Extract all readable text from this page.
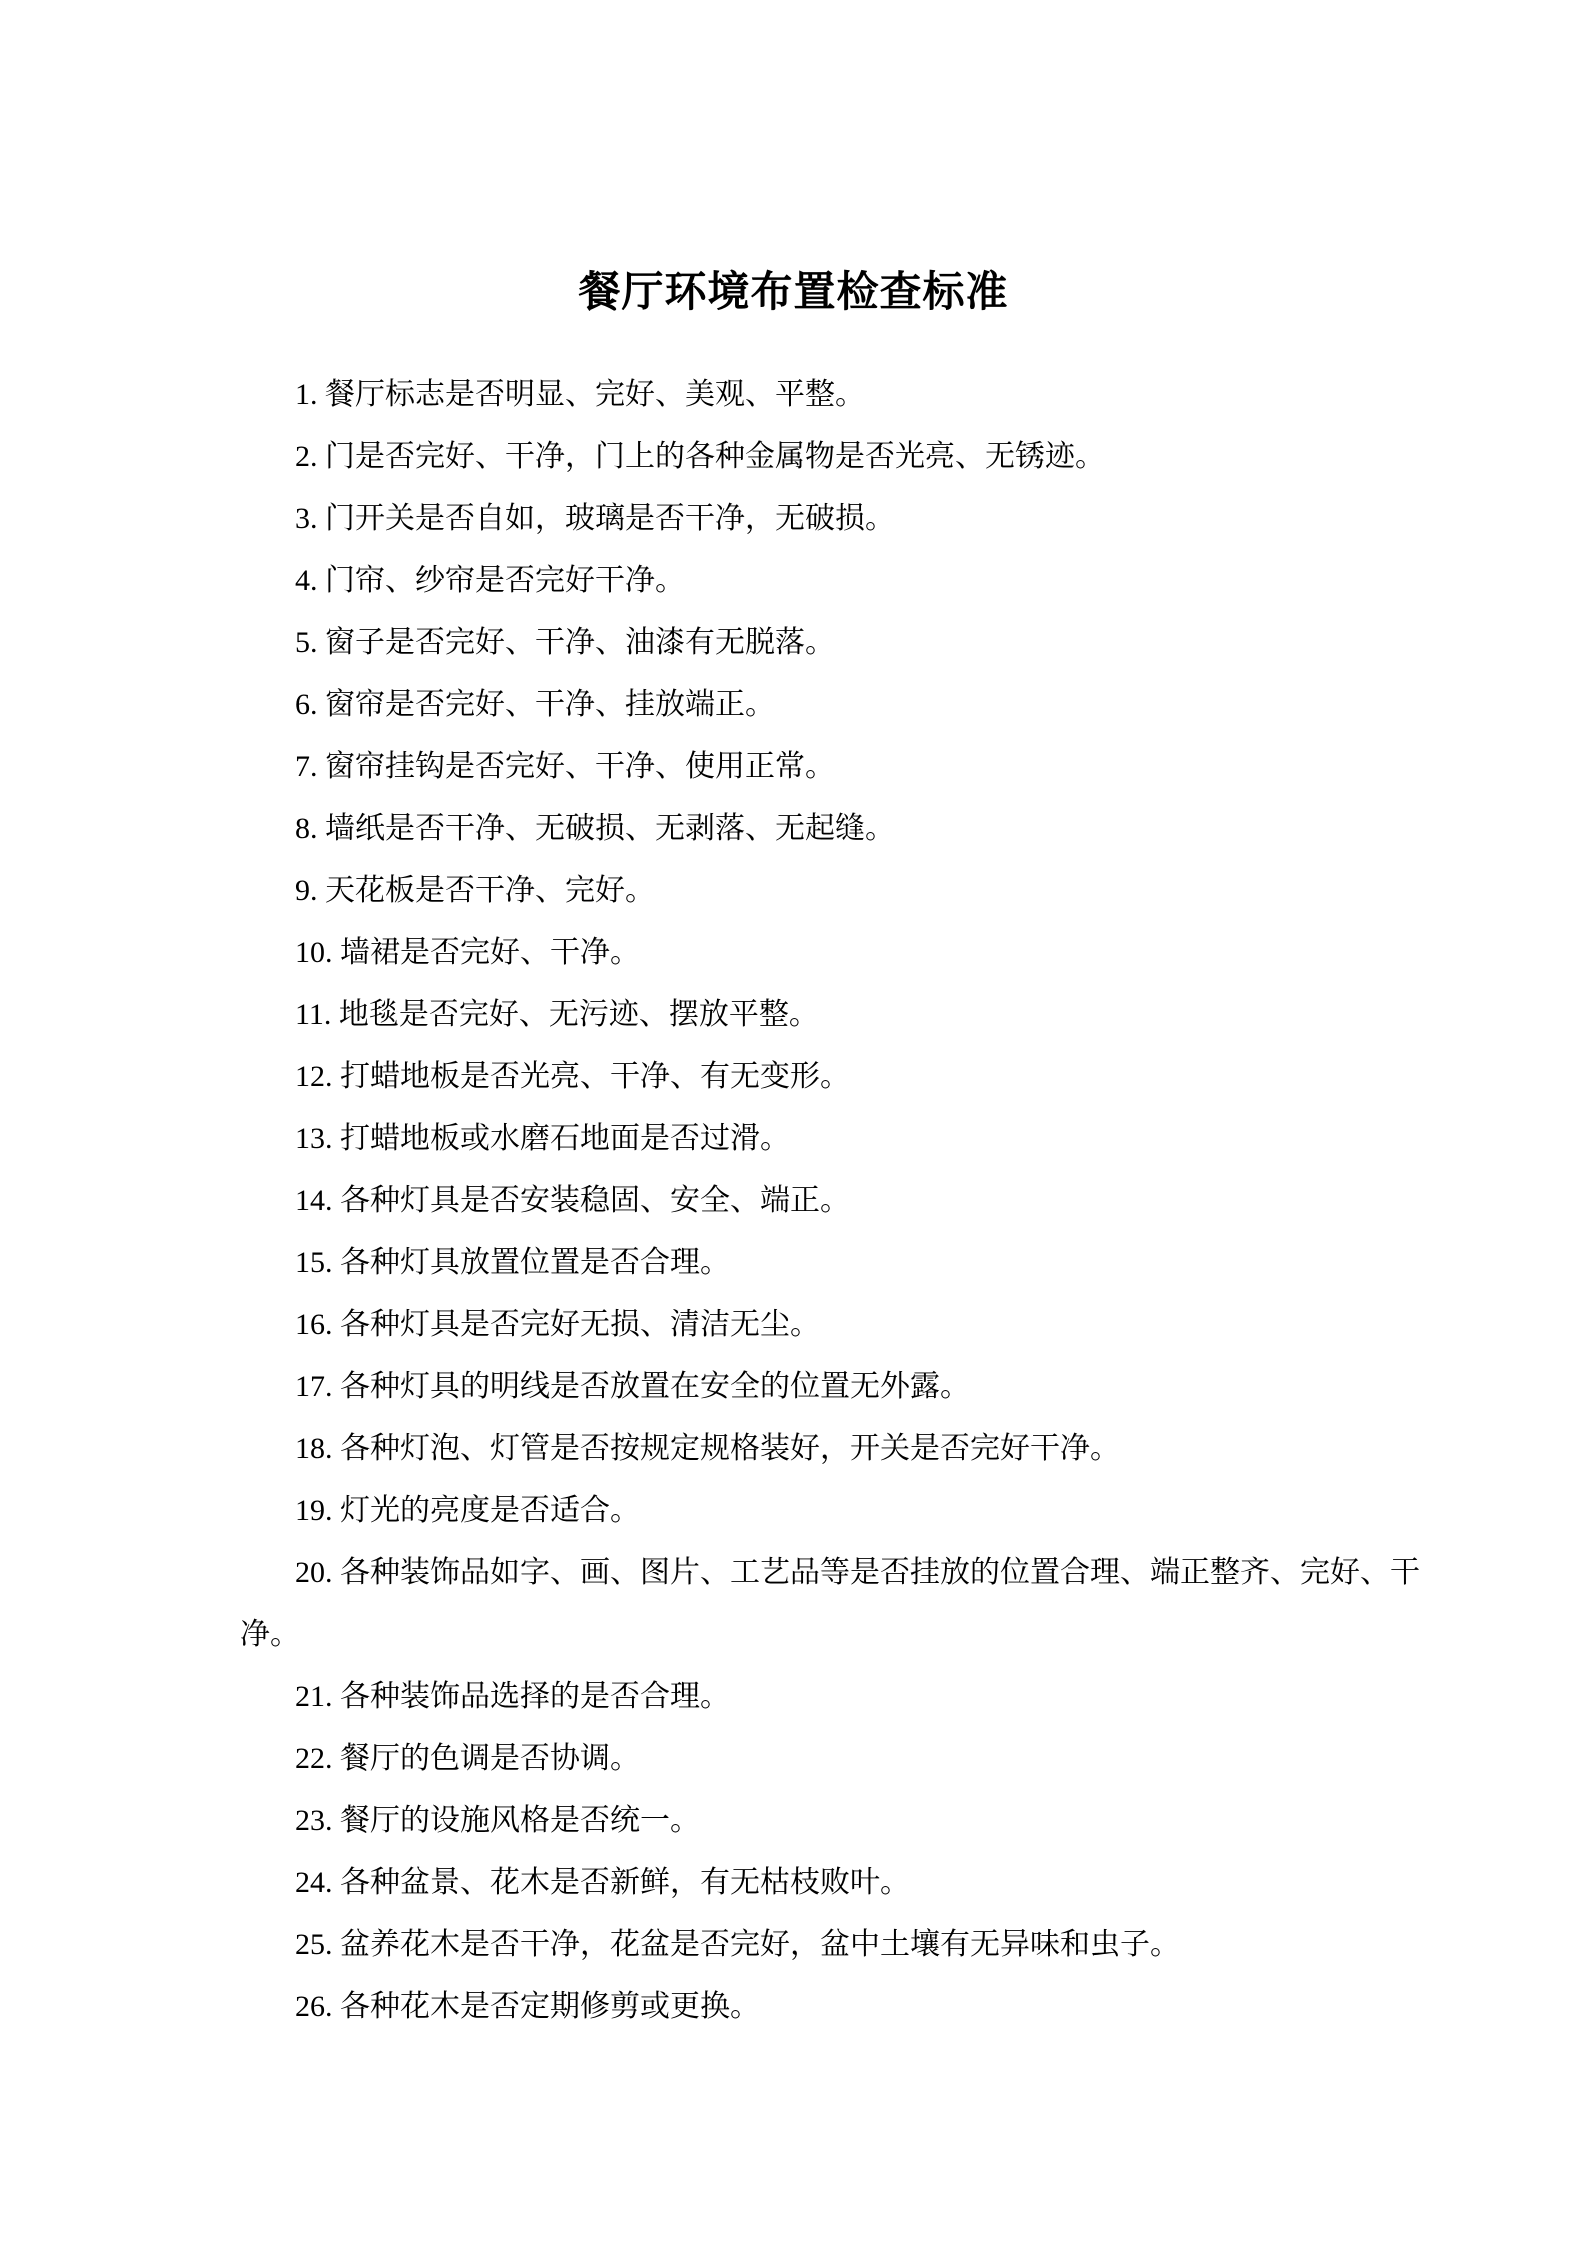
餐厅环境布置检查标准

1. 餐厅标志是否明显、完好、美观、平整。

2. 门是否完好、干净，门上的各种金属物是否光亮、无锈迹。

3. 门开关是否自如，玻璃是否干净，无破损。

4. 门帘、纱帘是否完好干净。

5. 窗子是否完好、干净、油漆有无脱落。

6. 窗帘是否完好、干净、挂放端正。

7. 窗帘挂钩是否完好、干净、使用正常。

8. 墙纸是否干净、无破损、无剥落、无起缝。

9. 天花板是否干净、完好。

10. 墙裙是否完好、干净。

11. 地毯是否完好、无污迹、摆放平整。

12. 打蜡地板是否光亮、干净、有无变形。

13. 打蜡地板或水磨石地面是否过滑。

14. 各种灯具是否安装稳固、安全、端正。

15. 各种灯具放置位置是否合理。

16. 各种灯具是否完好无损、清洁无尘。

17. 各种灯具的明线是否放置在安全的位置无外露。

18. 各种灯泡、灯管是否按规定规格装好，开关是否完好干净。

19. 灯光的亮度是否适合。

20. 各种装饰品如字、画、图片、工艺品等是否挂放的位置合理、端正整齐、完好、干净。

21. 各种装饰品选择的是否合理。

22. 餐厅的色调是否协调。

23. 餐厅的设施风格是否统一。

24. 各种盆景、花木是否新鲜，有无枯枝败叶。

25. 盆养花木是否干净，花盆是否完好，盆中土壤有无异味和虫子。

26. 各种花木是否定期修剪或更换。
